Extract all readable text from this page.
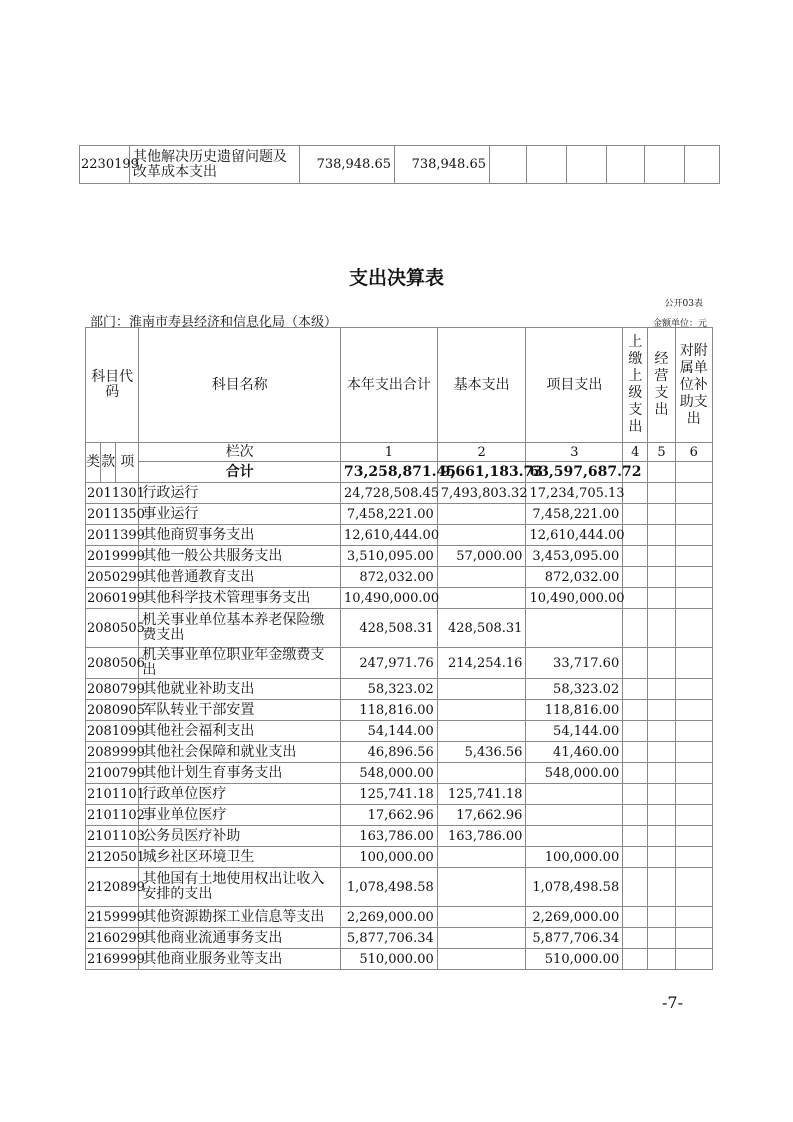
2230199	其他解决历史遗留问题及改革成本支出	738,948.65	738,948.65						
支出决算表
公开03表
部门：淮南市寿县经济和信息化局（本级）	金额单位：元
科目代码			科目名称	本年支出合计	基本支出	项目支出	上缴上级支出	经营支出	对附属单位补助支出
类	款	项	栏次	1	2	3	4	5	6
			合计	73,258,871.45	9,661,183.73	63,597,687.72			
2011301			行政运行	24,728,508.45	7,493,803.32	17,234,705.13			
2011350			事业运行	7,458,221.00		7,458,221.00			
2011399			其他商贸事务支出	12,610,444.00		12,610,444.00			
2019999			其他一般公共服务支出	3,510,095.00	57,000.00	3,453,095.00			
2050299			其他普通教育支出	872,032.00		872,032.00			
2060199			其他科学技术管理事务支出	10,490,000.00		10,490,000.00			
2080505			机关事业单位基本养老保险缴费支出	428,508.31	428,508.31				
2080506			机关事业单位职业年金缴费支出	247,971.76	214,254.16	33,717.60			
2080799			其他就业补助支出	58,323.02		58,323.02			
2080905			军队转业干部安置	118,816.00		118,816.00			
2081099			其他社会福利支出	54,144.00		54,144.00			
2089999			其他社会保障和就业支出	46,896.56	5,436.56	41,460.00			
2100799			其他计划生育事务支出	548,000.00		548,000.00			
2101101			行政单位医疗	125,741.18	125,741.18				
2101102			事业单位医疗	17,662.96	17,662.96				
2101103			公务员医疗补助	163,786.00	163,786.00				
2120501			城乡社区环境卫生	100,000.00		100,000.00			
2120899			其他国有土地使用权出让收入安排的支出	1,078,498.58		1,078,498.58			
2159999			其他资源勘探工业信息等支出	2,269,000.00		2,269,000.00			
2160299			其他商业流通事务支出	5,877,706.34		5,877,706.34			
2169999			其他商业服务业等支出	510,000.00		510,000.00			
-7-
